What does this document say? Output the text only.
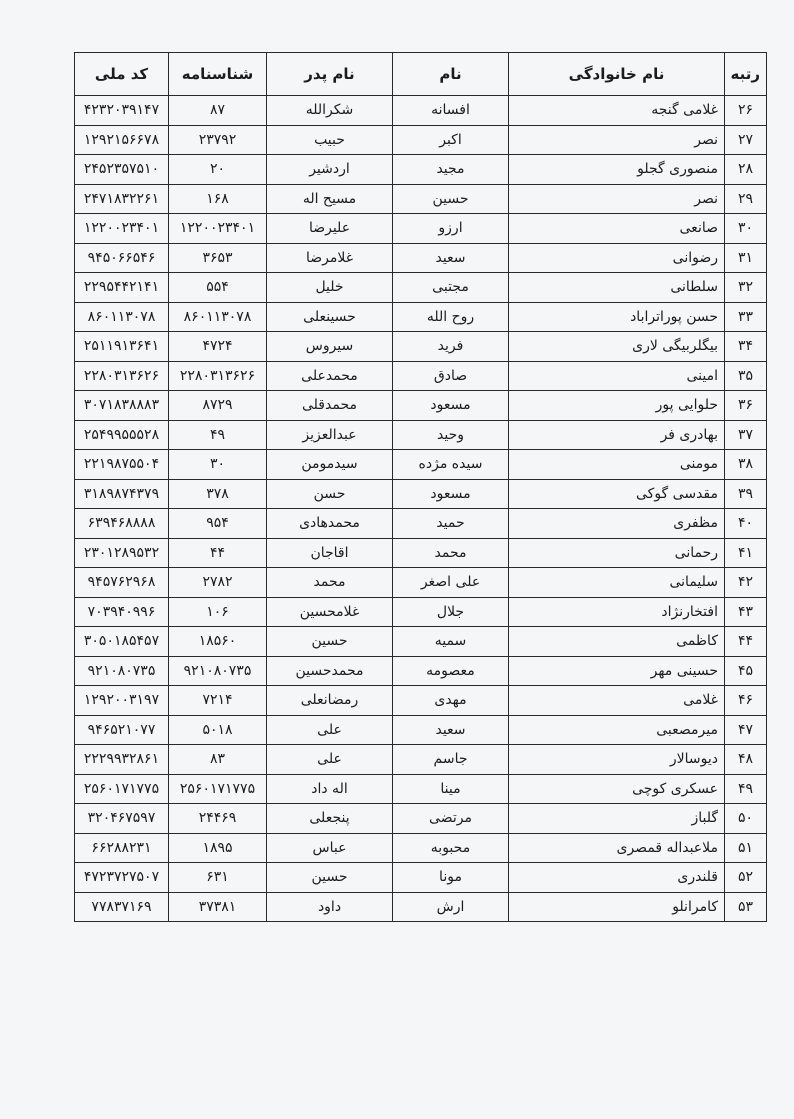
رتبه	نام خانوادگی	نام	نام پدر	شناسنامه	کد ملی
۲۶	غلامی گنجه	افسانه	شکرالله	۸۷	۴۲۳۲۰۳۹۱۴۷
۲۷	نصر	اکبر	حبیب	۲۳۷۹۲	۱۲۹۲۱۵۶۶۷۸
۲۸	منصوری گجلو	مجید	اردشیر	۲۰	۲۴۵۲۳۵۷۵۱۰
۲۹	نصر	حسین	مسیح اله	۱۶۸	۲۴۷۱۸۳۲۲۶۱
۳۰	صانعی	ارزو	علیرضا	۱۲۲۰۰۲۳۴۰۱	۱۲۲۰۰۲۳۴۰۱
۳۱	رضوانی	سعید	غلامرضا	۳۶۵۳	۹۴۵۰۶۶۵۴۶
۳۲	سلطانی	مجتبی	خلیل	۵۵۴	۲۲۹۵۴۴۲۱۴۱
۳۳	حسن پوراتراباد	روح الله	حسینعلی	۸۶۰۱۱۳۰۷۸	۸۶۰۱۱۳۰۷۸
۳۴	بیگلربیگی لاری	فرید	سیروس	۴۷۲۴	۲۵۱۱۹۱۳۶۴۱
۳۵	امینی	صادق	محمدعلی	۲۲۸۰۳۱۳۶۲۶	۲۲۸۰۳۱۳۶۲۶
۳۶	حلوایی پور	مسعود	محمدقلی	۸۷۲۹	۳۰۷۱۸۳۸۸۸۳
۳۷	بهادری فر	وحید	عبدالعزیز	۴۹	۲۵۴۹۹۵۵۵۲۸
۳۸	مومنی	سیده مژده	سیدمومن	۳۰	۲۲۱۹۸۷۵۵۰۴
۳۹	مقدسی گوکی	مسعود	حسن	۳۷۸	۳۱۸۹۸۷۴۳۷۹
۴۰	مظفری	حمید	محمدهادی	۹۵۴	۶۳۹۴۶۸۸۸۸
۴۱	رحمانی	محمد	اقاجان	۴۴	۲۳۰۱۲۸۹۵۳۲
۴۲	سلیمانی	علی اصغر	محمد	۲۷۸۲	۹۴۵۷۶۲۹۶۸
۴۳	افتخارنژاد	جلال	غلامحسین	۱۰۶	۷۰۳۹۴۰۹۹۶
۴۴	کاظمی	سمیه	حسین	۱۸۵۶۰	۳۰۵۰۱۸۵۴۵۷
۴۵	حسینی مهر	معصومه	محمدحسین	۹۲۱۰۸۰۷۳۵	۹۲۱۰۸۰۷۳۵
۴۶	غلامی	مهدی	رمضانعلی	۷۲۱۴	۱۲۹۲۰۰۳۱۹۷
۴۷	میرمصعبی	سعید	علی	۵۰۱۸	۹۴۶۵۲۱۰۷۷
۴۸	دیوسالار	جاسم	علی	۸۳	۲۲۲۹۹۳۲۸۶۱
۴۹	عسکری کوچی	مینا	اله داد	۲۵۶۰۱۷۱۷۷۵	۲۵۶۰۱۷۱۷۷۵
۵۰	گلباز	مرتضی	پنجعلی	۲۴۴۶۹	۳۲۰۴۶۷۵۹۷
۵۱	ملاعبداله قمصری	محبوبه	عباس	۱۸۹۵	۶۶۲۸۸۲۳۱
۵۲	قلندری	مونا	حسین	۶۳۱	۴۷۲۳۷۲۷۵۰۷
۵۳	کامرانلو	ارش	داود	۳۷۳۸۱	۷۷۸۳۷۱۶۹
